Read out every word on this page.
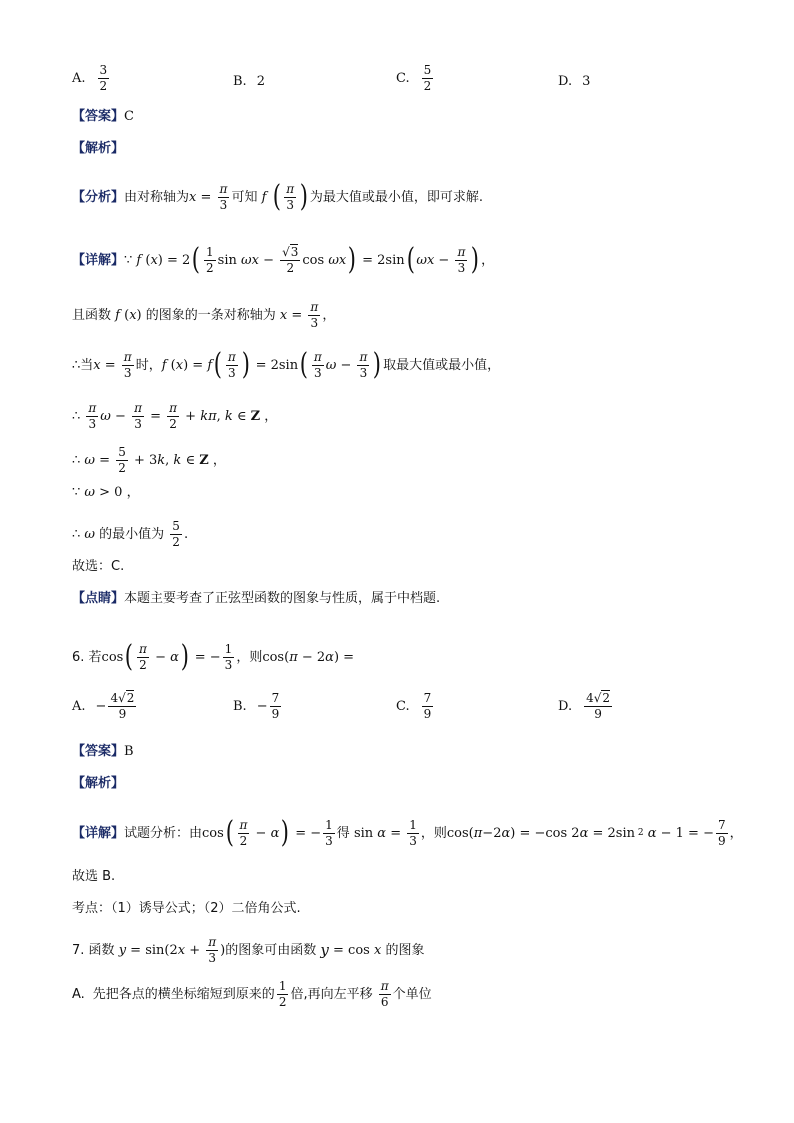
A. $\frac{3}{2}$	B. 2	C. $\frac{5}{2}$	D. 3
【答案】 C
【解析】
【分析】 由对称轴为 $x = \frac{\pi}{3}$ 可知 f
( $\frac{\pi}{3}$ ) 为最大值或最小值，即可求解.
【详解】 ∵ f ( x ) = 2 ( $\frac{1}{2}$ $\sin \omega x - \frac{√3}{2}$ cos ωx ) = 2sin ( $\omega x - \frac{\pi}{3}$ ) ，
且函数 f ( x ) 的图象的一条对称轴为
$x = \frac{\pi}{3}$ ，
∴当 $x = \frac{\pi}{3}$ 时， f ( x ) = f ( $\frac{\pi}{3}$ ) = 2sin ( $\frac{\pi}{3}$ $\omega - \frac{\pi}{3}$ ) 取最大值或最小值，
∴ $\frac{\pi}{3}$ $\omega - \frac{\pi}{3} = \frac{\pi}{2} + k\pi$ , k ∈ Z ，
∴ $\omega = \frac{5}{2} + 3$ k , k ∈ Z ，
∵ ω > 0 ，
∴ ω 的最小值为
$\frac{5}{2}$ .
故选：C.
【点睛】 本题主要考查了正弦型函数的图象与性质，属于中档题.
6. 若 cos ( $\frac{\pi}{2} - \alpha$ ) = − $\frac{1}{3}$ ，则 cos( π − 2 α ) =
A. − $\frac{4√2}{9}$	B. − $\frac{7}{9}$	C. $\frac{7}{9}$	D. $\frac{4√2}{9}$
【答案】 B
【解析】
【详解】 试题分析：由 cos ( $\frac{\pi}{2} - \alpha$ ) = − $\frac{1}{3}$ 得 $\sin \alpha = \frac{1}{3}$ ，则 cos( π −2 α ) = −cos 2 α = 2sin 2
α − 1 = − $\frac{7}{9}$ ，
故选 B.
考点：（1）诱导公式；（2）二倍角公式.
7. 函数
y = sin(2 $x + \frac{\pi}{3}$ ) 的图象可由函数
y = cos x
的图象
A. 先把各点的横坐标缩短到原来的 $\frac{1}{2}$ 倍,再向左平移
$\frac{\pi}{6}$ 个单位
